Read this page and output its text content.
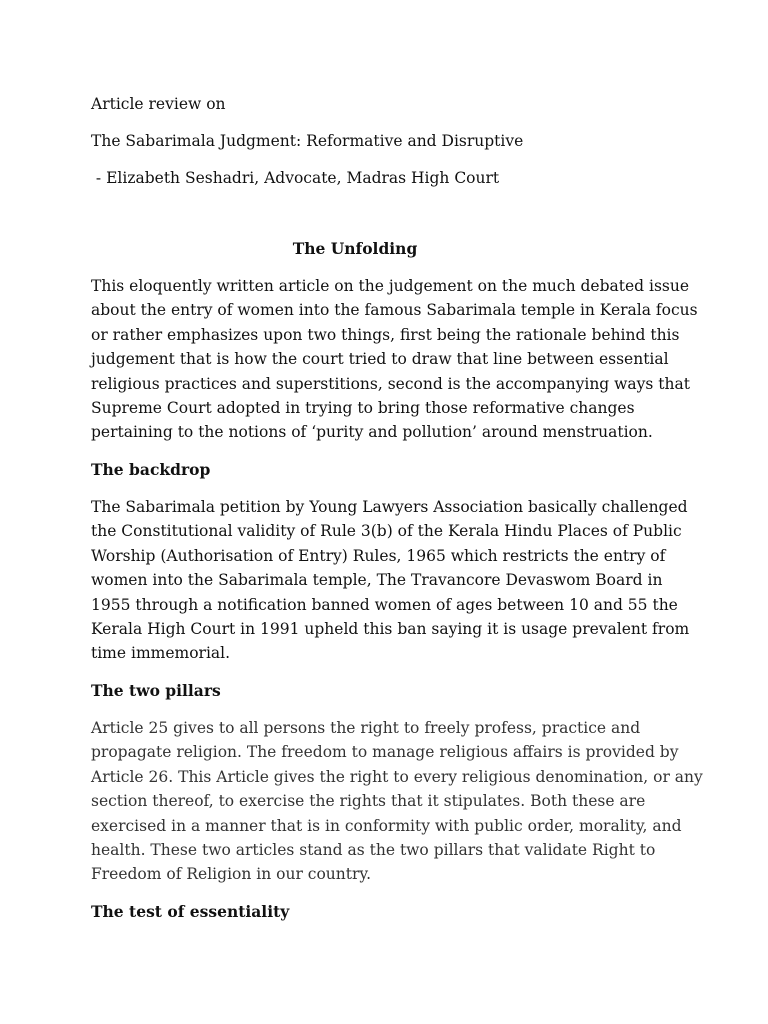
Article review on
The Sabarimala Judgment: Reformative and Disruptive
- Elizabeth Seshadri, Advocate, Madras High Court
The Unfolding
This eloquently written article on the judgement on the much debated issue
about the entry of women into the famous Sabarimala temple in Kerala focus
or rather emphasizes upon two things, first being the rationale behind this
judgement that is how the court tried to draw that line between essential
religious practices and superstitions, second is the accompanying ways that
Supreme Court adopted in trying to bring those reformative changes
pertaining to the notions of ‘purity and pollution’ around menstruation.
The backdrop
The Sabarimala petition by Young Lawyers Association basically challenged
the Constitutional validity of Rule 3(b) of the Kerala Hindu Places of Public
Worship (Authorisation of Entry) Rules, 1965 which restricts the entry of
women into the Sabarimala temple, The Travancore Devaswom Board in
1955 through a notification banned women of ages between 10 and 55 the
Kerala High Court in 1991 upheld this ban saying it is usage prevalent from
time immemorial.
The two pillars
Article 25 gives to all persons the right to freely profess, practice and
propagate religion. The freedom to manage religious affairs is provided by
Article 26. This Article gives the right to every religious denomination, or any
section thereof, to exercise the rights that it stipulates. Both these are
exercised in a manner that is in conformity with public order, morality, and
health. These two articles stand as the two pillars that validate Right to
Freedom of Religion in our country.
The test of essentiality
